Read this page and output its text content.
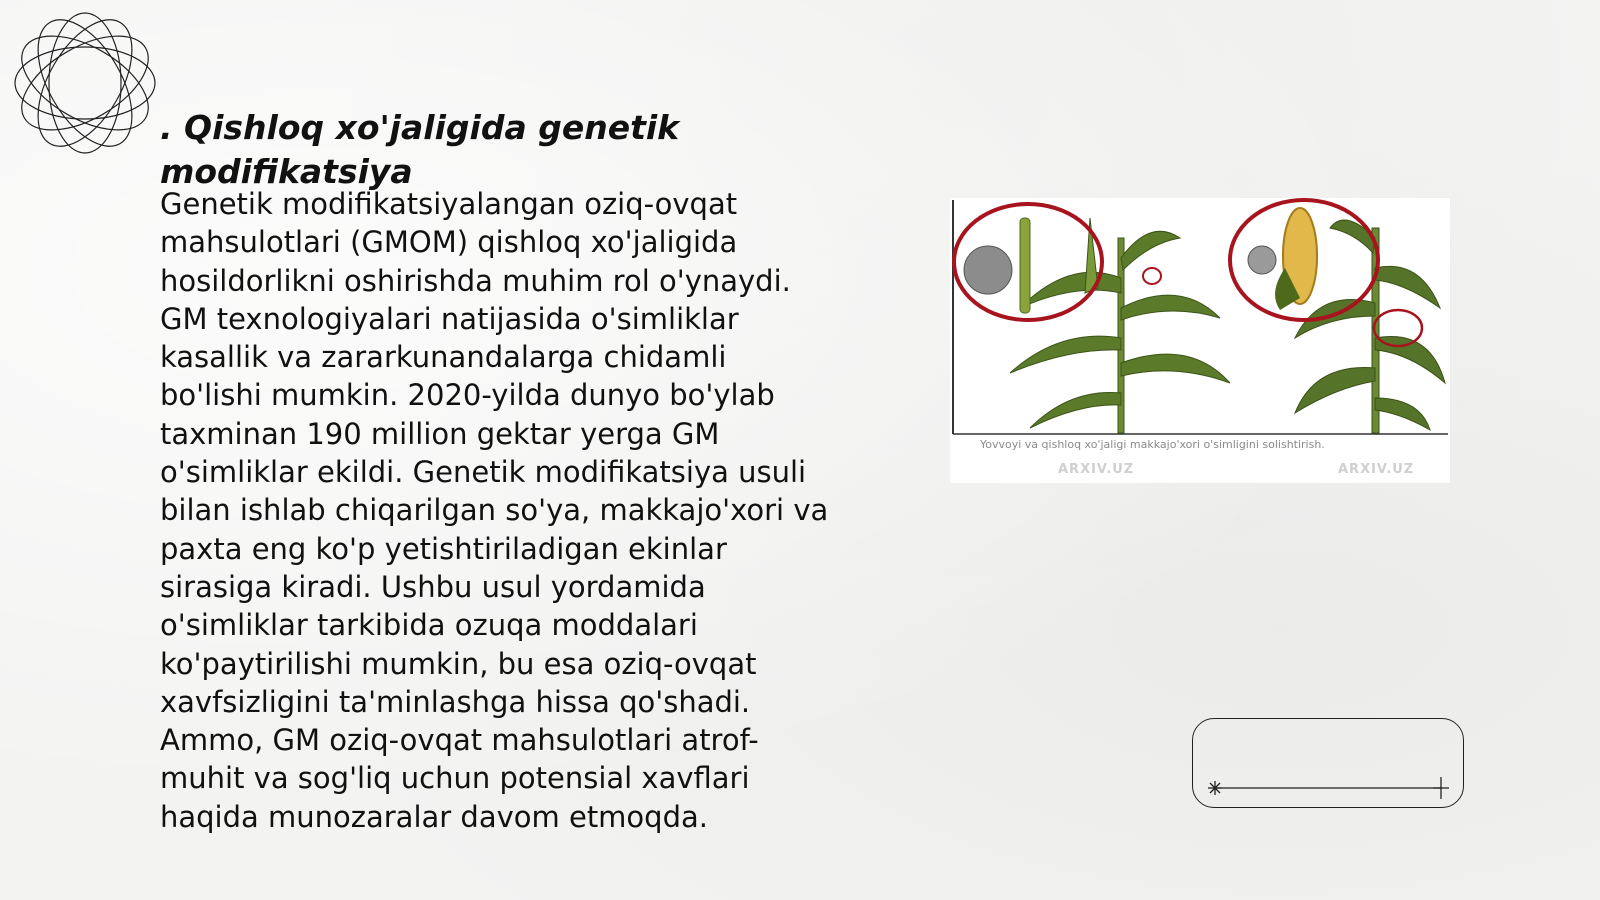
. Qishloq xo'jaligida genetik modifikatsiya

Genetik modifikatsiyalangan oziq-ovqat mahsulotlari (GMOM) qishloq xo'jaligida hosildorlikni oshirishda muhim rol o'ynaydi. GM texnologiyalari natijasida o'simliklar kasallik va zararkunandalarga chidamli bo'lishi mumkin. 2020-yilda dunyo bo'ylab taxminan 190 million gektar yerga GM o'simliklar ekildi. Genetik modifikatsiya usuli bilan ishlab chiqarilgan so'ya, makkajo'xori va paxta eng ko'p yetishtiriladigan ekinlar sirasiga kiradi. Ushbu usul yordamida o'simliklar tarkibida ozuqa moddalari ko'paytirilishi mumkin, bu esa oziq-ovqat xavfsizligini ta'minlashga hissa qo'shadi. Ammo, GM oziq-ovqat mahsulotlari atrof-muhit va sog'liq uchun potensial xavflari haqida munozaralar davom etmoqda.

Yovvoyi va qishloq xo'jaligi makkajo'xori o'simligini solishtirish.
ARXIV.UZ	ARXIV.UZ
